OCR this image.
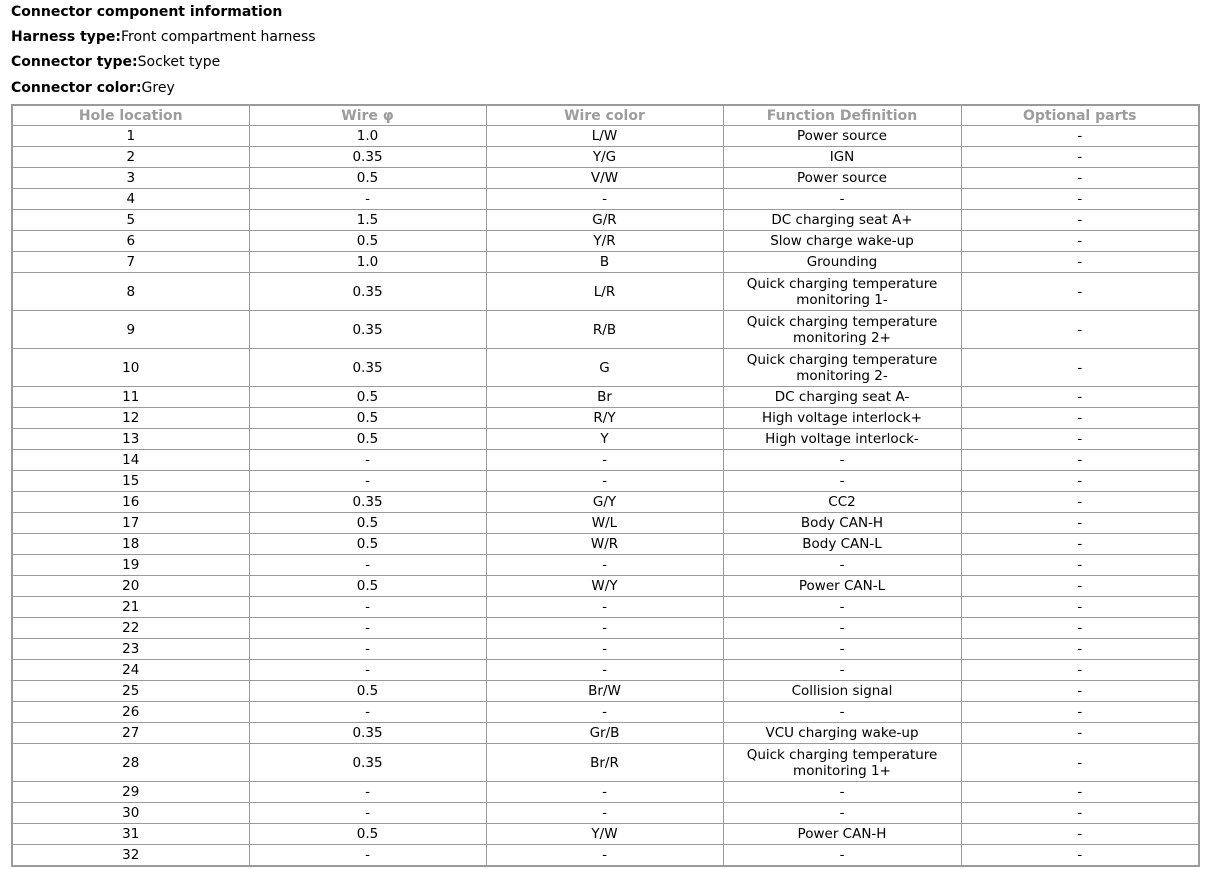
Connector component information
Harness type:Front compartment harness
Connector type:Socket type
Connector color:Grey
Hole location	Wire φ	Wire color	Function Definition	Optional parts
1	1.0	L/W	Power source	-
2	0.35	Y/G	IGN	-
3	0.5	V/W	Power source	-
4	-	-	-	-
5	1.5	G/R	DC charging seat A+	-
6	0.5	Y/R	Slow charge wake-up	-
7	1.0	B	Grounding	-
8	0.35	L/R	Quick charging temperature monitoring 1-	-
9	0.35	R/B	Quick charging temperature monitoring 2+	-
10	0.35	G	Quick charging temperature monitoring 2-	-
11	0.5	Br	DC charging seat A-	-
12	0.5	R/Y	High voltage interlock+	-
13	0.5	Y	High voltage interlock-	-
14	-	-	-	-
15	-	-	-	-
16	0.35	G/Y	CC2	-
17	0.5	W/L	Body CAN-H	-
18	0.5	W/R	Body CAN-L	-
19	-	-	-	-
20	0.5	W/Y	Power CAN-L	-
21	-	-	-	-
22	-	-	-	-
23	-	-	-	-
24	-	-	-	-
25	0.5	Br/W	Collision signal	-
26	-	-	-	-
27	0.35	Gr/B	VCU charging wake-up	-
28	0.35	Br/R	Quick charging temperature monitoring 1+	-
29	-	-	-	-
30	-	-	-	-
31	0.5	Y/W	Power CAN-H	-
32	-	-	-	-
